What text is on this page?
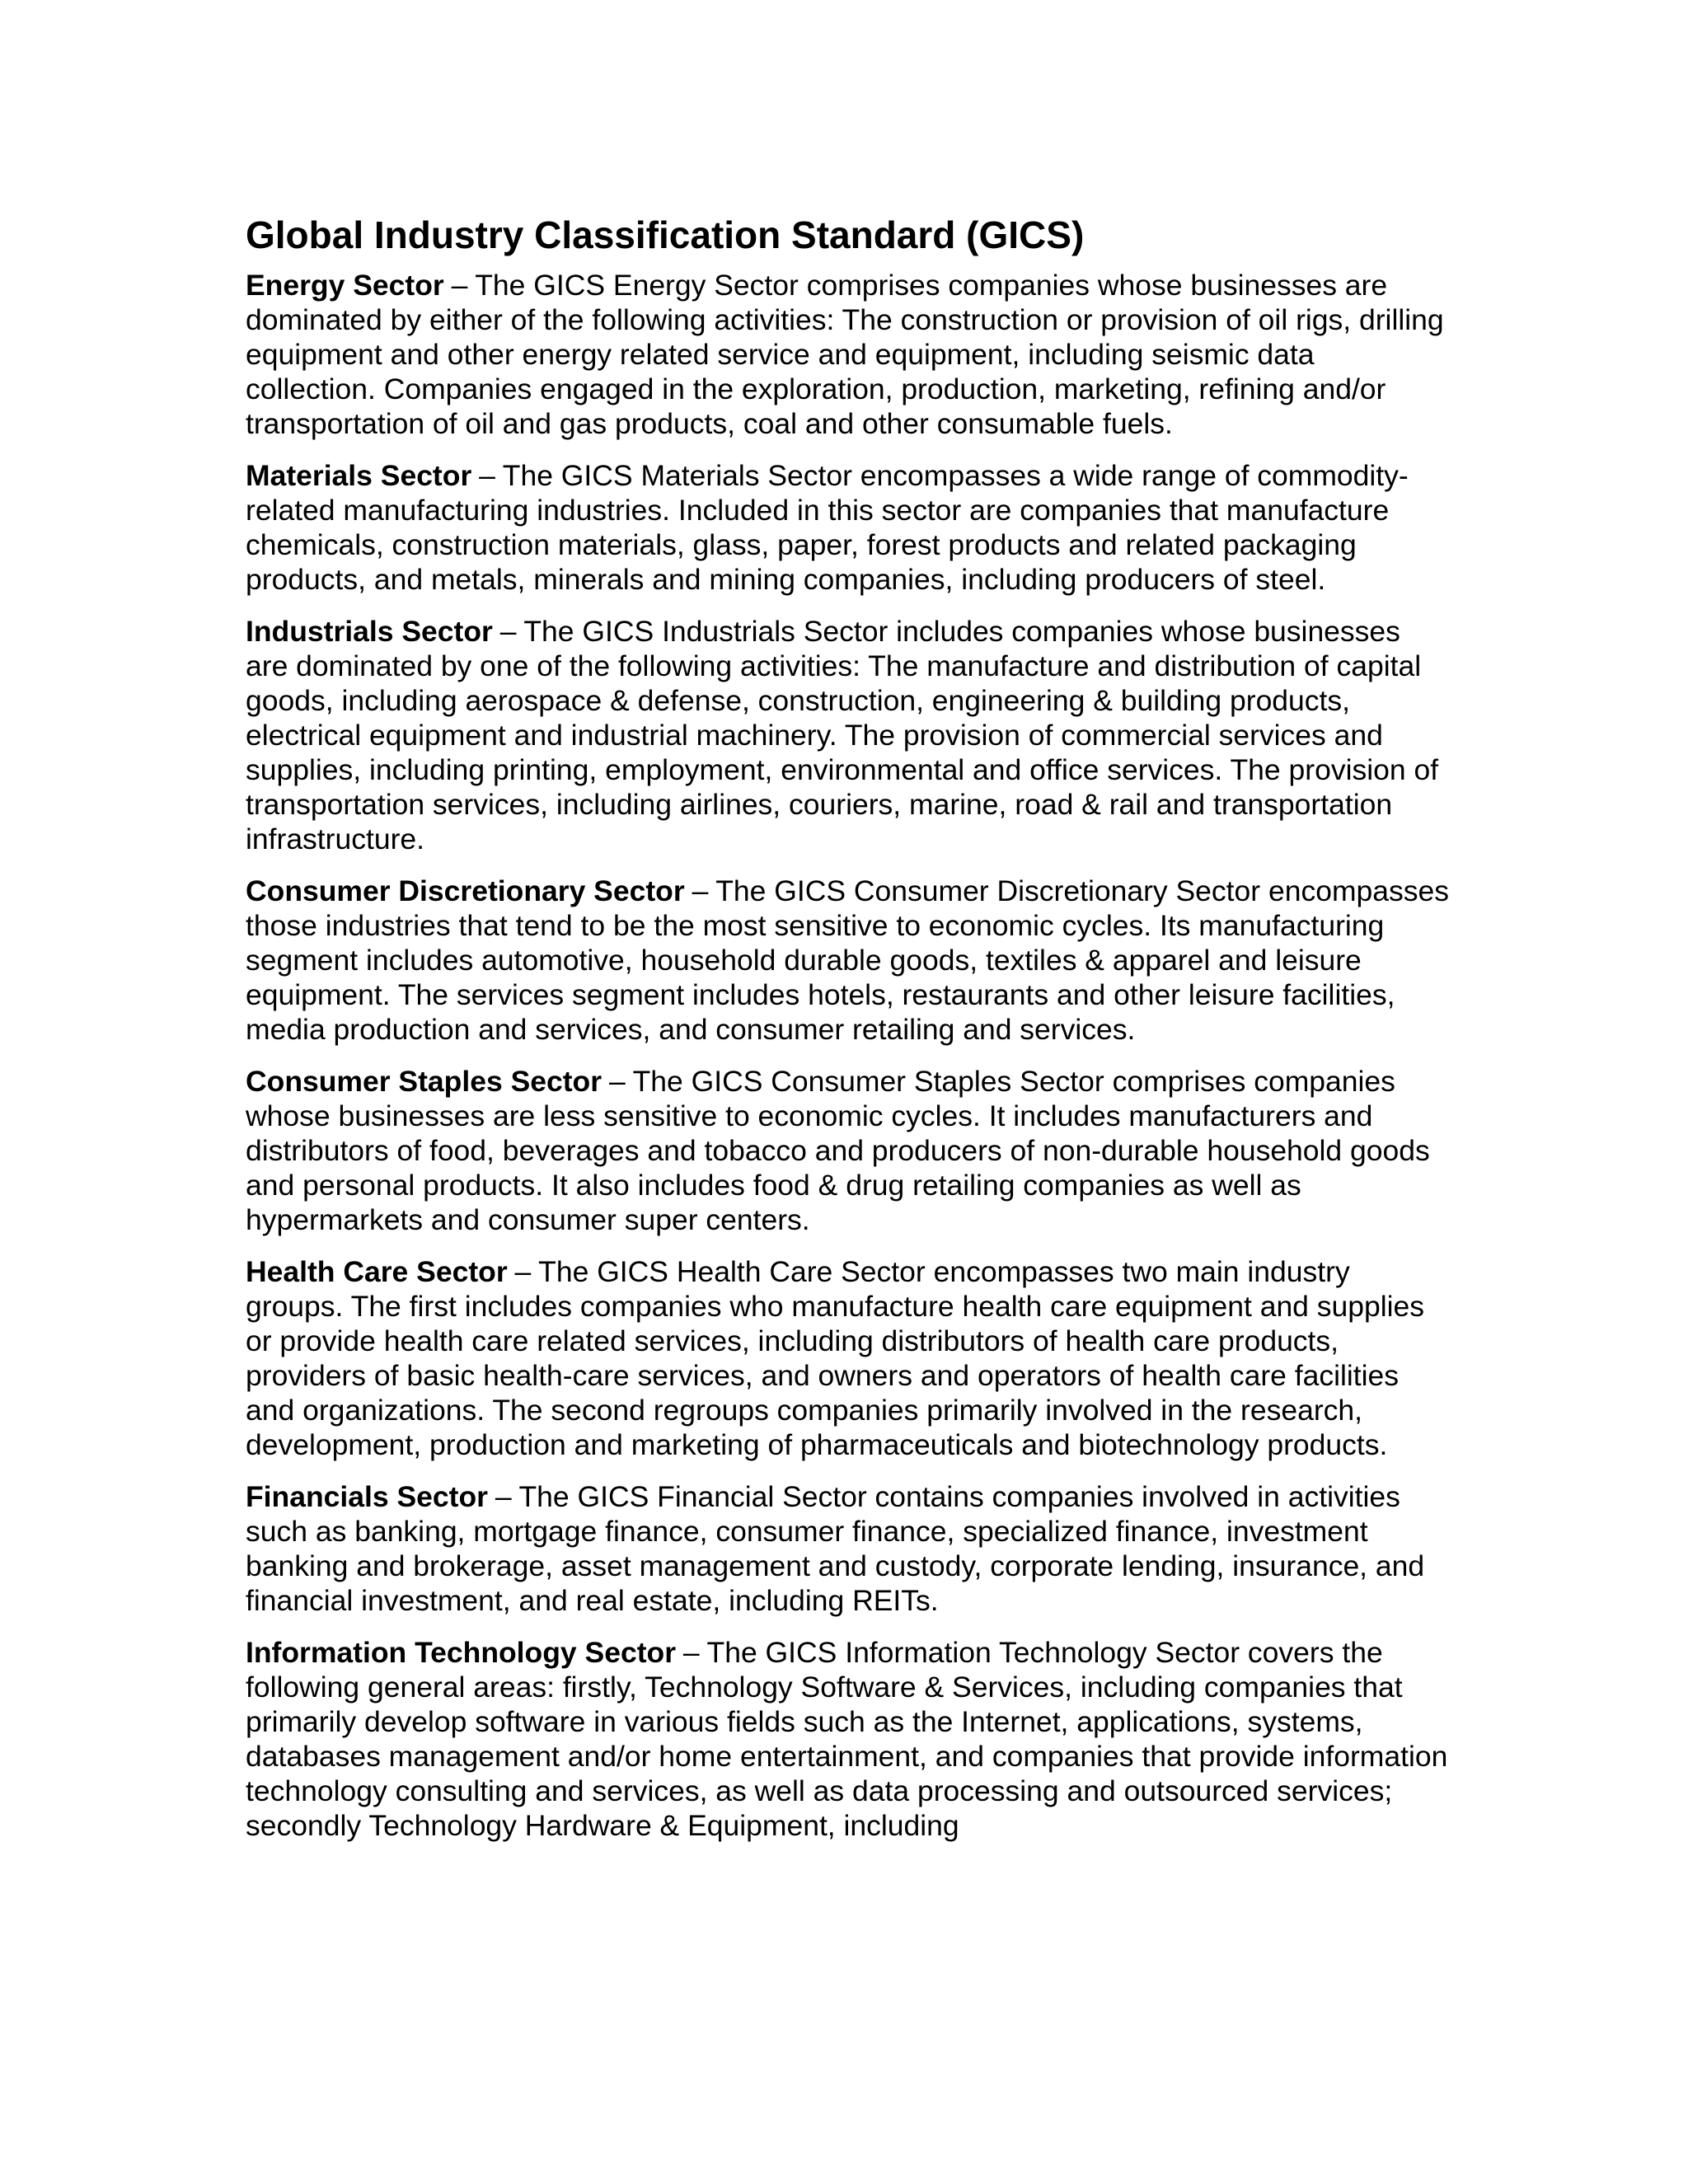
Global Industry Classification Standard (GICS)

Energy Sector – The GICS Energy Sector comprises companies whose businesses are dominated by either of the following activities: The construction or provision of oil rigs, drilling equipment and other energy related service and equipment, including seismic data collection. Companies engaged in the exploration, production, marketing, refining and/or transportation of oil and gas products, coal and other consumable fuels.

Materials Sector – The GICS Materials Sector encompasses a wide range of commodity-related manufacturing industries. Included in this sector are companies that manufacture chemicals, construction materials, glass, paper, forest products and related packaging products, and metals, minerals and mining companies, including producers of steel.

Industrials Sector – The GICS Industrials Sector includes companies whose businesses are dominated by one of the following activities: The manufacture and distribution of capital goods, including aerospace & defense, construction, engineering & building products, electrical equipment and industrial machinery. The provision of commercial services and supplies, including printing, employment, environmental and office services. The provision of transportation services, including airlines, couriers, marine, road & rail and transportation infrastructure.

Consumer Discretionary Sector – The GICS Consumer Discretionary Sector encompasses those industries that tend to be the most sensitive to economic cycles. Its manufacturing segment includes automotive, household durable goods, textiles & apparel and leisure equipment. The services segment includes hotels, restaurants and other leisure facilities, media production and services, and consumer retailing and services.

Consumer Staples Sector – The GICS Consumer Staples Sector comprises companies whose businesses are less sensitive to economic cycles. It includes manufacturers and distributors of food, beverages and tobacco and producers of non-durable household goods and personal products. It also includes food & drug retailing companies as well as hypermarkets and consumer super centers.

Health Care Sector – The GICS Health Care Sector encompasses two main industry groups. The first includes companies who manufacture health care equipment and supplies or provide health care related services, including distributors of health care products, providers of basic health-care services, and owners and operators of health care facilities and organizations. The second regroups companies primarily involved in the research, development, production and marketing of pharmaceuticals and biotechnology products.

Financials Sector – The GICS Financial Sector contains companies involved in activities such as banking, mortgage finance, consumer finance, specialized finance, investment banking and brokerage, asset management and custody, corporate lending, insurance, and financial investment, and real estate, including REITs.

Information Technology Sector – The GICS Information Technology Sector covers the following general areas: firstly, Technology Software & Services, including companies that primarily develop software in various fields such as the Internet, applications, systems, databases management and/or home entertainment, and companies that provide information technology consulting and services, as well as data processing and outsourced services; secondly Technology Hardware & Equipment, including
